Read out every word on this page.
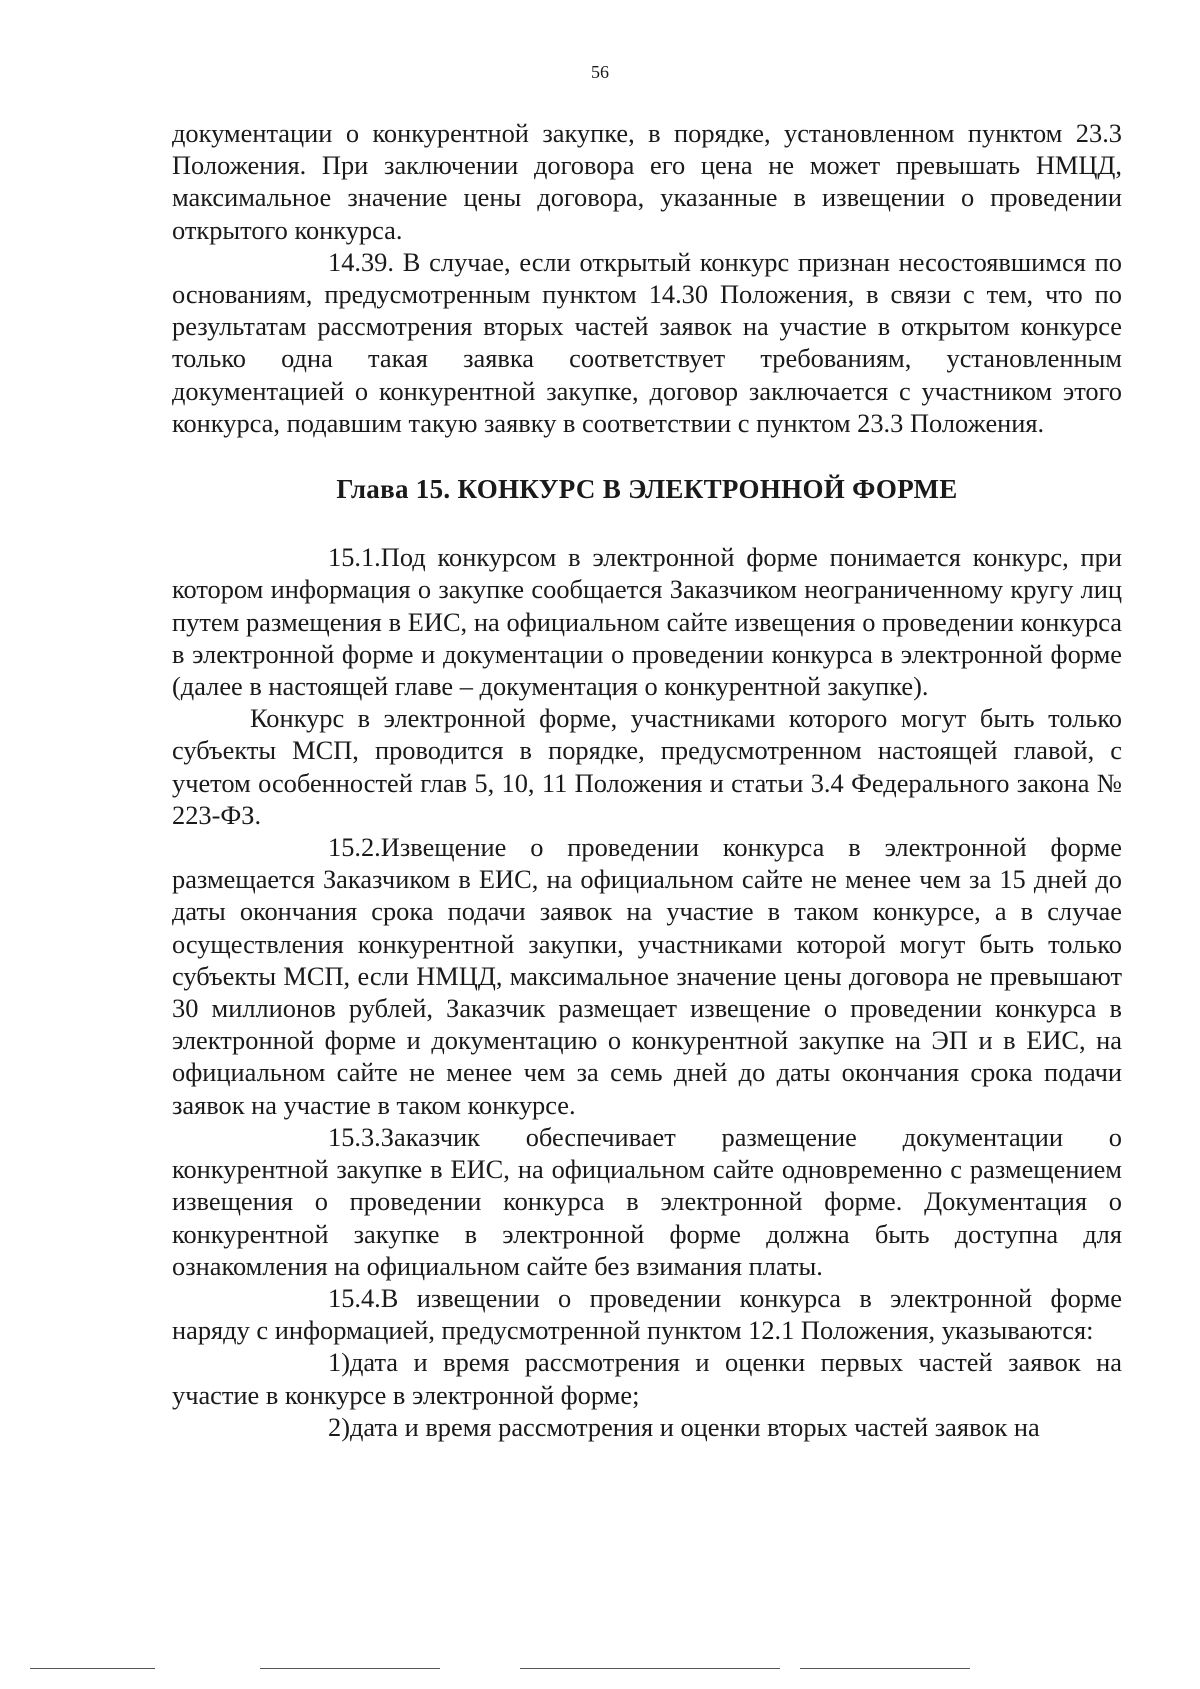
56

документации о конкурентной закупке, в порядке, установленном пунктом 23.3 Положения. При заключении договора его цена не может превышать НМЦД, максимальное значение цены договора, указанные в извещении о проведении открытого конкурса.

14.39. В случае, если открытый конкурс признан несостоявшимся по основаниям, предусмотренным пунктом 14.30 Положения, в связи с тем, что по результатам рассмотрения вторых частей заявок на участие в открытом конкурсе только одна такая заявка соответствует требованиям, установленным документацией о конкурентной закупке, договор заключается с участником этого конкурса, подавшим такую заявку в соответствии с пунктом 23.3 Положения.

Глава 15. КОНКУРС В ЭЛЕКТРОННОЙ ФОРМЕ

15.1.Под конкурсом в электронной форме понимается конкурс, при котором информация о закупке сообщается Заказчиком неограниченному кругу лиц путем размещения в ЕИС, на официальном сайте извещения о проведении конкурса в электронной форме и документации о проведении конкурса в электронной форме (далее в настоящей главе – документация о конкурентной закупке).

Конкурс в электронной форме, участниками которого могут быть только субъекты МСП, проводится в порядке, предусмотренном настоящей главой, с учетом особенностей глав 5, 10, 11 Положения и статьи 3.4 Федерального закона № 223-ФЗ.

15.2.Извещение о проведении конкурса в электронной форме размещается Заказчиком в ЕИС, на официальном сайте не менее чем за 15 дней до даты окончания срока подачи заявок на участие в таком конкурсе, а в случае осуществления конкурентной закупки, участниками которой могут быть только субъекты МСП, если НМЦД, максимальное значение цены договора не превышают 30 миллионов рублей, Заказчик размещает извещение о проведении конкурса в электронной форме и документацию о конкурентной закупке на ЭП и в ЕИС, на официальном сайте не менее чем за семь дней до даты окончания срока подачи заявок на участие в таком конкурсе.

15.3.Заказчик обеспечивает размещение документации о конкурентной закупке в ЕИС, на официальном сайте одновременно с размещением извещения о проведении конкурса в электронной форме. Документация о конкурентной закупке в электронной форме должна быть доступна для ознакомления на официальном сайте без взимания платы.

15.4.В извещении о проведении конкурса в электронной форме наряду с информацией, предусмотренной пунктом 12.1 Положения, указываются:

1)дата и время рассмотрения и оценки первых частей заявок на участие в конкурсе в электронной форме;

2)дата и время рассмотрения и оценки вторых частей заявок на
